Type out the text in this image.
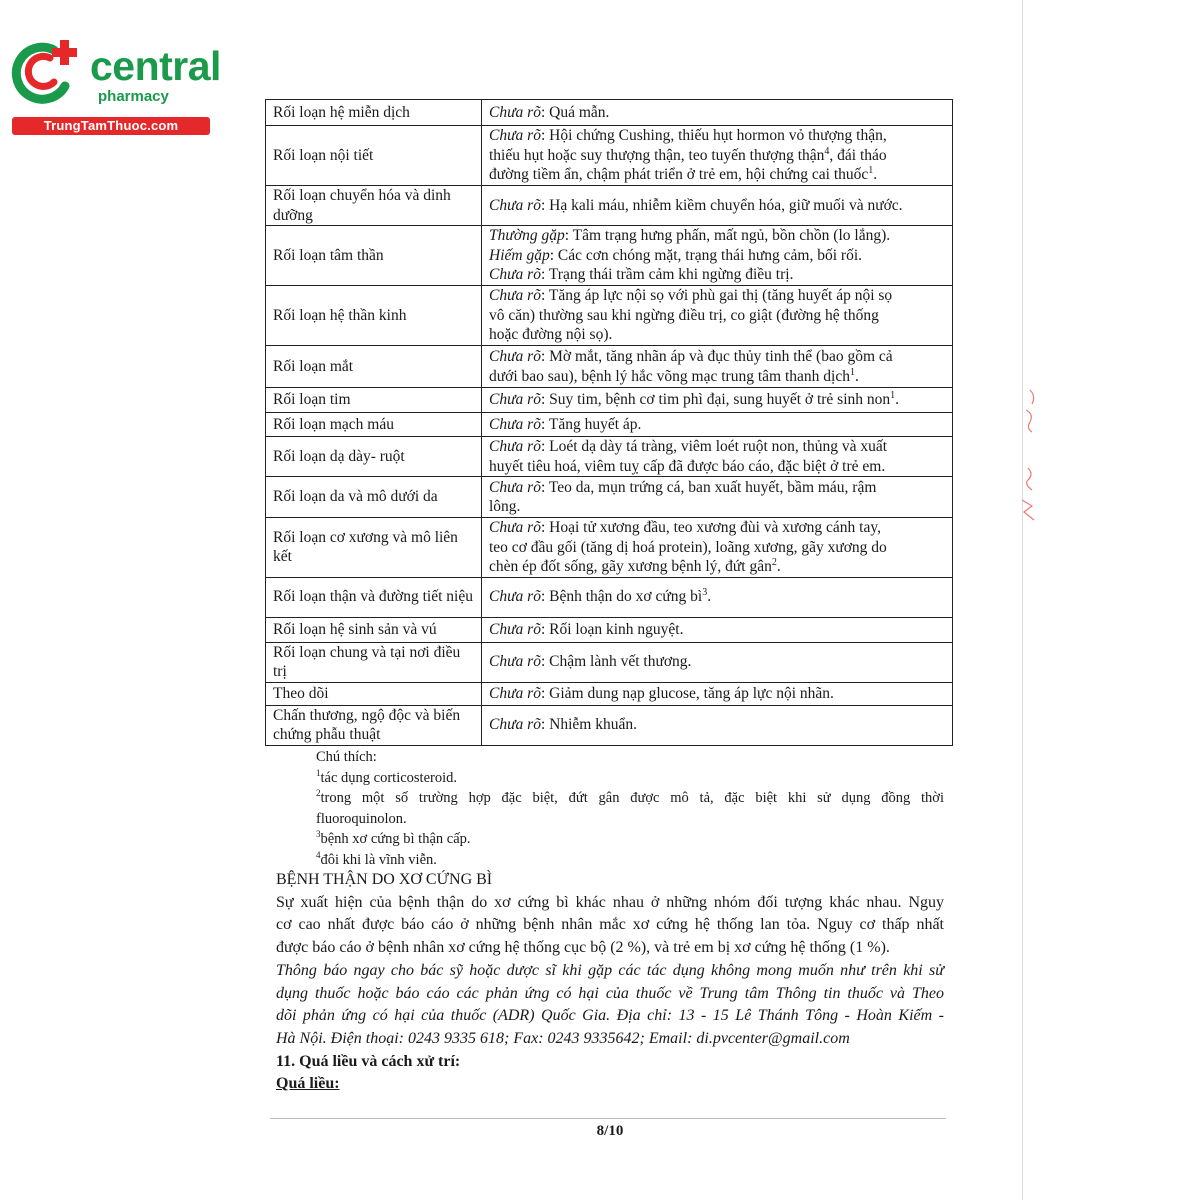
central
pharmacy
TrungTamThuoc.com
Rối loạn hệ miễn dịch	Chưa rõ: Quá mẫn.

Rối loạn nội tiết	Chưa rõ: Hội chứng Cushing, thiếu hụt hormon vỏ thượng thận,
thiếu hụt hoặc suy thượng thận, teo tuyến thượng thận$^4$, đái tháo
đường tiềm ẩn, chậm phát triển ở trẻ em, hội chứng cai thuốc$^1$.

Rối loạn chuyển hóa và dinh dưỡng	Chưa rõ: Hạ kali máu, nhiễm kiềm chuyển hóa, giữ muối và nước.

Rối loạn tâm thần	Thường gặp: Tâm trạng hưng phấn, mất ngủ, bồn chồn (lo lắng).
Hiếm gặp: Các cơn chóng mặt, trạng thái hưng cảm, bối rối.
Chưa rõ: Trạng thái trầm cảm khi ngừng điều trị.

Rối loạn hệ thần kinh	Chưa rõ: Tăng áp lực nội sọ với phù gai thị (tăng huyết áp nội sọ
vô căn) thường sau khi ngừng điều trị, co giật (đường hệ thống
hoặc đường nội sọ).

Rối loạn mắt	Chưa rõ: Mờ mắt, tăng nhãn áp và đục thủy tinh thể (bao gồm cả
dưới bao sau), bệnh lý hắc võng mạc trung tâm thanh dịch$^1$.

Rối loạn tim	Chưa rõ: Suy tim, bệnh cơ tim phì đại, sung huyết ở trẻ sinh non$^1$.

Rối loạn mạch máu	Chưa rõ: Tăng huyết áp.

Rối loạn dạ dày- ruột	Chưa rõ: Loét dạ dày tá tràng, viêm loét ruột non, thủng và xuất
huyết tiêu hoá, viêm tuỵ cấp đã được báo cáo, đặc biệt ở trẻ em.

Rối loạn da và mô dưới da	Chưa rõ: Teo da, mụn trứng cá, ban xuất huyết, bầm máu, rậm
lông.

Rối loạn cơ xương và mô liên kết	Chưa rõ: Hoại tử xương đầu, teo xương đùi và xương cánh tay,
teo cơ đầu gối (tăng dị hoá protein), loãng xương, gãy xương do
chèn ép đốt sống, gãy xương bệnh lý, đứt gân$^2$.

Rối loạn thận và đường tiết niệu	Chưa rõ: Bệnh thận do xơ cứng $bì^3$.

Rối loạn hệ sinh sản và vú	Chưa rõ: Rối loạn kinh nguyệt.

Rối loạn chung và tại nơi điều trị	Chưa rõ: Chậm lành vết thương.

Theo dõi	Chưa rõ: Giảm dung nạp glucose, tăng áp lực nội nhãn.

Chấn thương, ngộ độc và biến chứng phẫu thuật	Chưa rõ: Nhiễm khuẩn.

Chú thích:

$^1$tác dụng corticosteroid.

$^2$trong một số trường hợp đặc biệt, đứt gân được mô tả, đặc biệt khi sử dụng đồng thời

fluoroquinolon.

$^3$bệnh xơ cứng bì thận cấp.

$^4$đôi khi là vĩnh viễn.

BỆNH THẬN DO XƠ CỨNG BÌ

Sự xuất hiện của bệnh thận do xơ cứng bì khác nhau ở những nhóm đối tượng khác nhau. Nguy

cơ cao nhất được báo cáo ở những bệnh nhân mắc xơ cứng hệ thống lan tỏa. Nguy cơ thấp nhất

được báo cáo ở bệnh nhân xơ cứng hệ thống cục bộ (2 %), và trẻ em bị xơ cứng hệ thống (1 %).

Thông báo ngay cho bác sỹ hoặc dược sĩ khi gặp các tác dụng không mong muốn như trên khi sử

dụng thuốc hoặc báo cáo các phản ứng có hại của thuốc về Trung tâm Thông tin thuốc và Theo

dõi phản ứng có hại của thuốc (ADR) Quốc Gia. Địa chỉ: 13 - 15 Lê Thánh Tông - Hoàn Kiếm -

Hà Nội. Điện thoại: 0243 9335 618; Fax: 0243 9335642; Email: di.pvcenter@gmail.com

11. Quá liều và cách xử trí:

Quá liều:

8/10
